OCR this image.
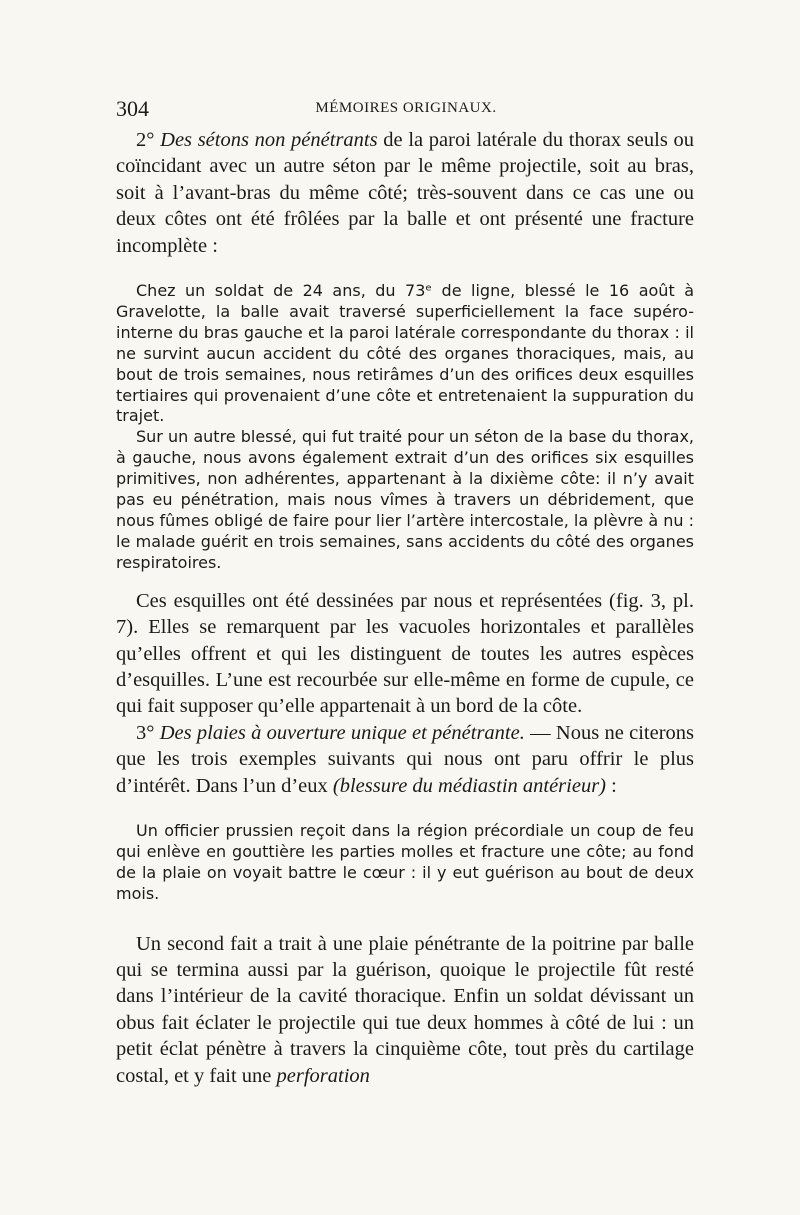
304	MÉMOIRES ORIGINAUX.

2° Des sétons non pénétrants de la paroi latérale du thorax seuls ou coïncidant avec un autre séton par le même projectile, soit au bras, soit à l’avant-bras du même côté; très-souvent dans ce cas une ou deux côtes ont été frôlées par la balle et ont présenté une fracture incomplète :

Chez un soldat de 24 ans, du 73ᵉ de ligne, blessé le 16 août à Gravelotte, la balle avait traversé superficiellement la face supéro-interne du bras gauche et la paroi latérale correspondante du thorax : il ne survint aucun accident du côté des organes thoraciques, mais, au bout de trois semaines, nous retirâmes d’un des orifices deux esquilles tertiaires qui provenaient d’une côte et entretenaient la suppuration du trajet.

Sur un autre blessé, qui fut traité pour un séton de la base du thorax, à gauche, nous avons également extrait d’un des orifices six esquilles primitives, non adhérentes, appartenant à la dixième côte: il n’y avait pas eu pénétration, mais nous vîmes à travers un débridement, que nous fûmes obligé de faire pour lier l’artère intercostale, la plèvre à nu : le malade guérit en trois semaines, sans accidents du côté des organes respiratoires.

Ces esquilles ont été dessinées par nous et représentées (fig. 3, pl. 7). Elles se remarquent par les vacuoles horizontales et parallèles qu’elles offrent et qui les distinguent de toutes les autres espèces d’esquilles. L’une est recourbée sur elle-même en forme de cupule, ce qui fait supposer qu’elle appartenait à un bord de la côte.

3° Des plaies à ouverture unique et pénétrante. — Nous ne citerons que les trois exemples suivants qui nous ont paru offrir le plus d’intérêt. Dans l’un d’eux (blessure du médiastin antérieur) :

Un officier prussien reçoit dans la région précordiale un coup de feu qui enlève en gouttière les parties molles et fracture une côte; au fond de la plaie on voyait battre le cœur : il y eut guérison au bout de deux mois.

Un second fait a trait à une plaie pénétrante de la poitrine par balle qui se termina aussi par la guérison, quoique le projectile fût resté dans l’intérieur de la cavité thoracique. Enfin un soldat dévissant un obus fait éclater le projectile qui tue deux hommes à côté de lui : un petit éclat pénètre à travers la cinquième côte, tout près du cartilage costal, et y fait une perforation
